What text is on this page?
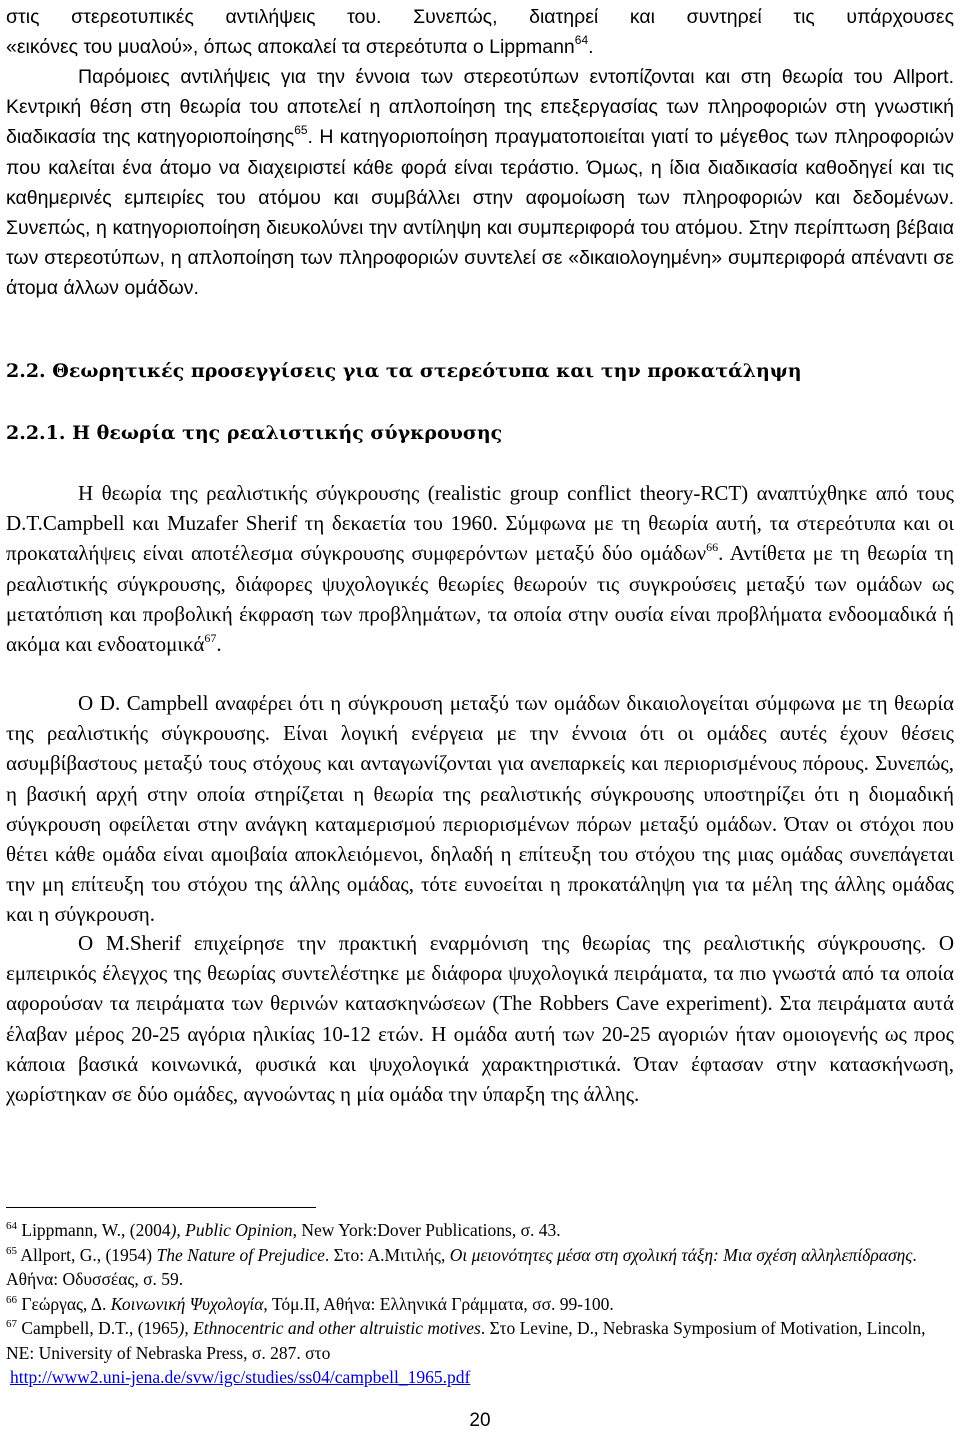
στις στερεοτυπικές αντιλήψεις του. Συνεπώς, διατηρεί και συντηρεί τις υπάρχουσες

«εικόνες του μυαλού», όπως αποκαλεί τα στερεότυπα ο Lippmann$^{64}$.

Παρόμοιες αντιλήψεις για την έννοια των στερεοτύπων εντοπίζονται και στη θεωρία του Allport. Κεντρική θέση στη θεωρία του αποτελεί η απλοποίηση της επεξεργασίας των πληροφοριών στη γνωστική διαδικασία της κατηγοριοποίησης$^{65}$. Η κατηγοριοποίηση πραγματοποιείται γιατί το μέγεθος των πληροφοριών που καλείται ένα άτομο να διαχειριστεί κάθε φορά είναι τεράστιο. Όμως, η ίδια διαδικασία καθοδηγεί και τις καθημερινές εμπειρίες του ατόμου και συμβάλλει στην αφομοίωση των πληροφοριών και δεδομένων. Συνεπώς, η κατηγοριοποίηση διευκολύνει την αντίληψη και συμπεριφορά του ατόμου. Στην περίπτωση βέβαια των στερεοτύπων, η απλοποίηση των πληροφοριών συντελεί σε «δικαιολογημένη» συμπεριφορά απέναντι σε άτομα άλλων ομάδων.

2.2. Θεωρητικές προσεγγίσεις για τα στερεότυπα και την προκατάληψη
2.2.1. Η θεωρία της ρεαλιστικής σύγκρουσης

Η θεωρία της ρεαλιστικής σύγκρουσης (realistic group conflict theory-RCT) αναπτύχθηκε από τους D.T.Campbell και Muzafer Sherif τη δεκαετία του 1960. Σύμφωνα με τη θεωρία αυτή, τα στερεότυπα και οι προκαταλήψεις είναι αποτέλεσμα σύγκρουσης συμφερόντων μεταξύ δύο ομάδων$^{66}$. Αντίθετα με τη θεωρία τη ρεαλιστικής σύγκρουσης, διάφορες ψυχολογικές θεωρίες θεωρούν τις συγκρούσεις μεταξύ των ομάδων ως μετατόπιση και προβολική έκφραση των προβλημάτων, τα οποία στην ουσία είναι προβλήματα ενδοομαδικά ή ακόμα και ενδοατομικά$^{67}$.

Ο D. Campbell αναφέρει ότι η σύγκρουση μεταξύ των ομάδων δικαιολογείται σύμφωνα με τη θεωρία της ρεαλιστικής σύγκρουσης. Είναι λογική ενέργεια με την έννοια ότι οι ομάδες αυτές έχουν θέσεις ασυμβίβαστους μεταξύ τους στόχους και ανταγωνίζονται για ανεπαρκείς και περιορισμένους πόρους. Συνεπώς, η βασική αρχή στην οποία στηρίζεται η θεωρία της ρεαλιστικής σύγκρουσης υποστηρίζει ότι η διομαδική σύγκρουση οφείλεται στην ανάγκη καταμερισμού περιορισμένων πόρων μεταξύ ομάδων. Όταν οι στόχοι που θέτει κάθε ομάδα είναι αμοιβαία αποκλειόμενοι, δηλαδή η επίτευξη του στόχου της μιας ομάδας συνεπάγεται την μη επίτευξη του στόχου της άλλης ομάδας, τότε ευνοείται η προκατάληψη για τα μέλη της άλλης ομάδας και η σύγκρουση.

Ο M.Sherif επιχείρησε την πρακτική εναρμόνιση της θεωρίας της ρεαλιστικής σύγκρουσης. Ο εμπειρικός έλεγχος της θεωρίας συντελέστηκε με διάφορα ψυχολογικά πειράματα, τα πιο γνωστά από τα οποία αφορούσαν τα πειράματα των θερινών κατασκηνώσεων (The Robbers Cave experiment). Στα πειράματα αυτά έλαβαν μέρος 20-25 αγόρια ηλικίας 10-12 ετών. Η ομάδα αυτή των 20-25 αγοριών ήταν ομοιογενής ως προς κάποια βασικά κοινωνικά, φυσικά και ψυχολογικά χαρακτηριστικά. Όταν έφτασαν στην κατασκήνωση, χωρίστηκαν σε δύο ομάδες, αγνοώντας η μία ομάδα την ύπαρξη της άλλης.

$^{64}$ Lippmann, W., (2004), Public Opinion, New York:Dover Publications, σ. 43.

$^{65}$ Allport, G., (1954) The Nature of Prejudice. Στο: Α.Μιτιλής, Οι μειονότητες μέσα στη σχολική τάξη: Μια σχέση αλληλεπίδρασης. Αθήνα: Οδυσσέας, σ. 59.

$^{66}$ Γεώργας, Δ. Κοινωνική Ψυχολογία, Τόμ.ΙΙ, Αθήνα: Ελληνικά Γράμματα, σσ. 99-100.

$^{67}$ Campbell, D.T., (1965), Ethnocentric and other altruistic motives. Στο Levine, D., Nebraska Symposium of Motivation, Lincoln, NE: University of Nebraska Press, σ. 287. στο

http://www2.uni-jena.de/svw/igc/studies/ss04/campbell_1965.pdf

20
